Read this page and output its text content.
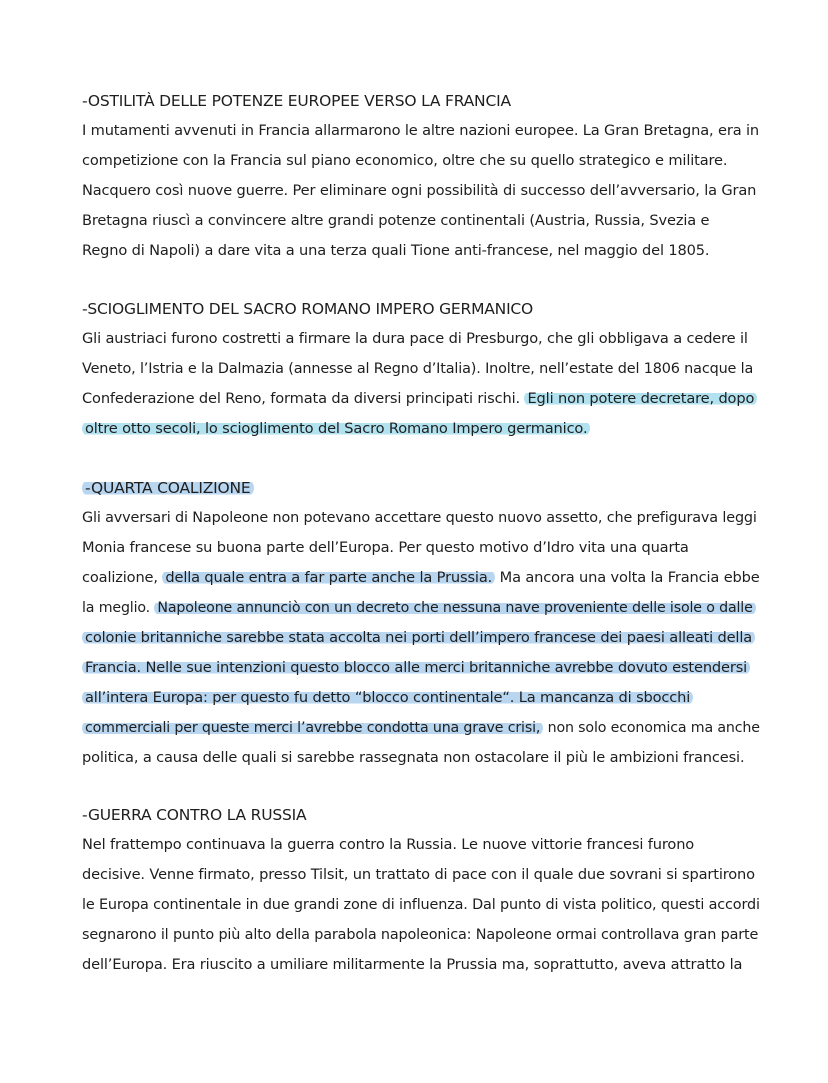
-OSTILITÀ DELLE POTENZE EUROPEE VERSO LA FRANCIA
I mutamenti avvenuti in Francia allarmarono le altre nazioni europee. La Gran Bretagna, era in
competizione con la Francia sul piano economico, oltre che su quello strategico e militare.
Nacquero così nuove guerre. Per eliminare ogni possibilità di successo dell’avversario, la Gran
Bretagna riuscì a convincere altre grandi potenze continentali (Austria, Russia, Svezia e
Regno di Napoli) a dare vita a una terza quali Tione anti-francese, nel maggio del 1805.
-SCIOGLIMENTO DEL SACRO ROMANO IMPERO GERMANICO
Gli austriaci furono costretti a firmare la dura pace di Presburgo, che gli obbligava a cedere il
Veneto, l’Istria e la Dalmazia (annesse al Regno d’Italia). Inoltre, nell’estate del 1806 nacque la
Confederazione del Reno, formata da diversi principati rischi. Egli non potere decretare, dopo
oltre otto secoli, lo scioglimento del Sacro Romano Impero germanico.
-QUARTA COALIZIONE
Gli avversari di Napoleone non potevano accettare questo nuovo assetto, che prefigurava leggi
Monia francese su buona parte dell’Europa. Per questo motivo d’Idro vita una quarta
coalizione, della quale entra a far parte anche la Prussia. Ma ancora una volta la Francia ebbe
la meglio. Napoleone annunciò con un decreto che nessuna nave proveniente delle isole o dalle
colonie britanniche sarebbe stata accolta nei porti dell’impero francese dei paesi alleati della
Francia. Nelle sue intenzioni questo blocco alle merci britanniche avrebbe dovuto estendersi
all’intera Europa: per questo fu detto “blocco continentale“. La mancanza di sbocchi
commerciali per queste merci l’avrebbe condotta una grave crisi, non solo economica ma anche
politica, a causa delle quali si sarebbe rassegnata non ostacolare il più le ambizioni francesi.
-GUERRA CONTRO LA RUSSIA
Nel frattempo continuava la guerra contro la Russia. Le nuove vittorie francesi furono
decisive. Venne firmato, presso Tilsit, un trattato di pace con il quale due sovrani si spartirono
le Europa continentale in due grandi zone di influenza. Dal punto di vista politico, questi accordi
segnarono il punto più alto della parabola napoleonica: Napoleone ormai controllava gran parte
dell’Europa. Era riuscito a umiliare militarmente la Prussia ma, soprattutto, aveva attratto la
